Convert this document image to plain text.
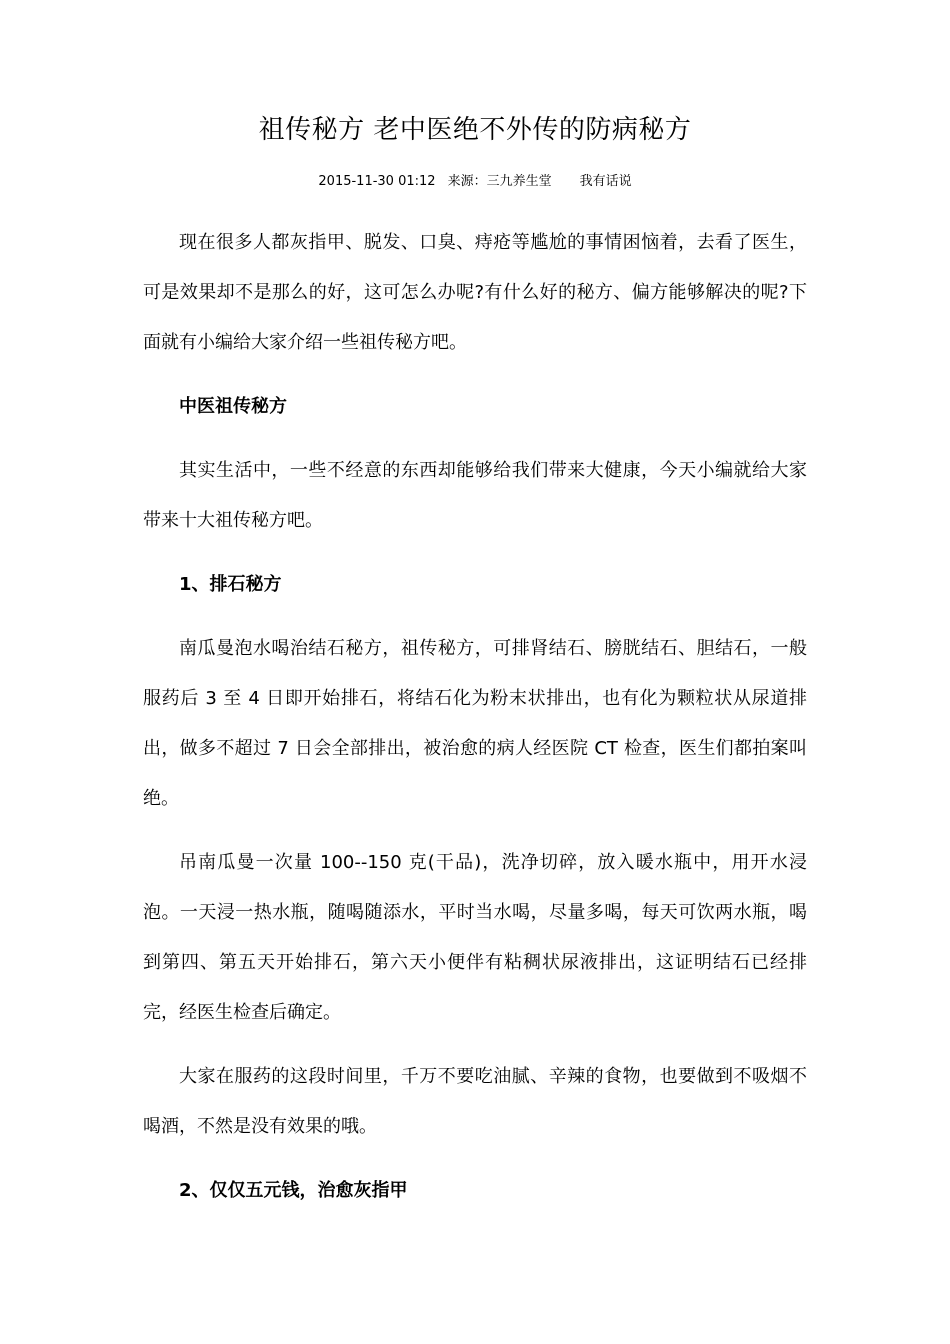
祖传秘方 老中医绝不外传的防病秘方
2015-11-30 01:12 来源：三九养生堂 我有话说

现在很多人都灰指甲、脱发、口臭、痔疮等尴尬的事情困恼着，去看了医生，可是效果却不是那么的好，这可怎么办呢?有什么好的秘方、偏方能够解决的呢?下面就有小编给大家介绍一些祖传秘方吧。

中医祖传秘方

其实生活中，一些不经意的东西却能够给我们带来大健康，今天小编就给大家带来十大祖传秘方吧。

1、排石秘方

南瓜曼泡水喝治结石秘方，祖传秘方，可排肾结石、膀胱结石、胆结石，一般服药后 3 至 4 日即开始排石，将结石化为粉末状排出，也有化为颗粒状从尿道排出，做多不超过 7 日会全部排出，被治愈的病人经医院 CT 检查，医生们都拍案叫绝。

吊南瓜曼一次量 100--150 克(干品)，洗净切碎，放入暖水瓶中，用开水浸泡。一天浸一热水瓶，随喝随添水，平时当水喝，尽量多喝，每天可饮两水瓶，喝到第四、第五天开始排石，第六天小便伴有粘稠状尿液排出，这证明结石已经排完，经医生检查后确定。

大家在服药的这段时间里，千万不要吃油腻、辛辣的食物，也要做到不吸烟不喝酒，不然是没有效果的哦。

2、仅仅五元钱，治愈灰指甲
